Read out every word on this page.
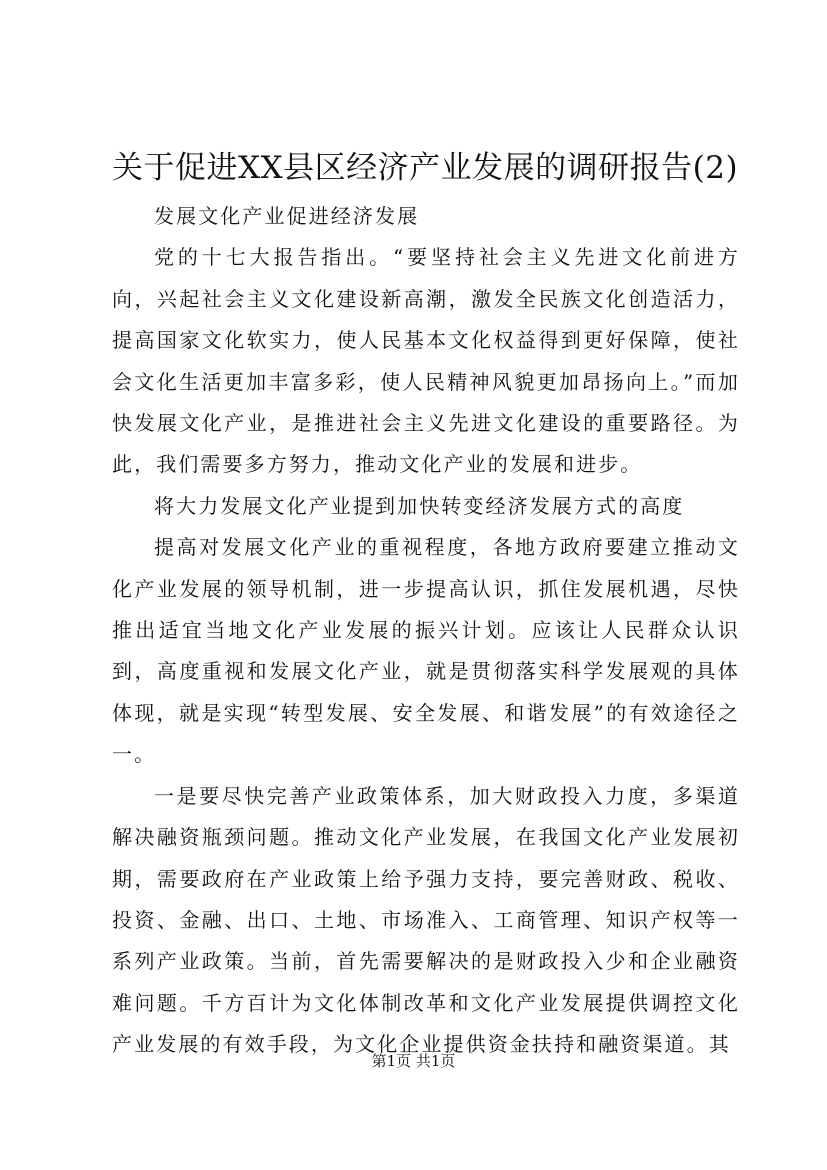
关于促进XX县区经济产业发展的调研报告(2)

发展文化产业促进经济发展

党的十七大报告指出。“要坚持社会主义先进文化前进方向，兴起社会主义文化建设新高潮，激发全民族文化创造活力，提高国家文化软实力，使人民基本文化权益得到更好保障，使社会文化生活更加丰富多彩，使人民精神风貌更加昂扬向上。”而加快发展文化产业，是推进社会主义先进文化建设的重要路径。为此，我们需要多方努力，推动文化产业的发展和进步。

将大力发展文化产业提到加快转变经济发展方式的高度

提高对发展文化产业的重视程度，各地方政府要建立推动文化产业发展的领导机制，进一步提高认识，抓住发展机遇，尽快推出适宜当地文化产业发展的振兴计划。应该让人民群众认识到，高度重视和发展文化产业，就是贯彻落实科学发展观的具体体现，就是实现“转型发展、安全发展、和谐发展”的有效途径之一。

一是要尽快完善产业政策体系，加大财政投入力度，多渠道解决融资瓶颈问题。推动文化产业发展，在我国文化产业发展初期，需要政府在产业政策上给予强力支持，要完善财政、税收、投资、金融、出口、土地、市场准入、工商管理、知识产权等一系列产业政策。当前，首先需要解决的是财政投入少和企业融资难问题。千方百计为文化体制改革和文化产业发展提供调控文化产业发展的有效手段，为文化企业提供资金扶持和融资渠道。其

第1页 共1页
